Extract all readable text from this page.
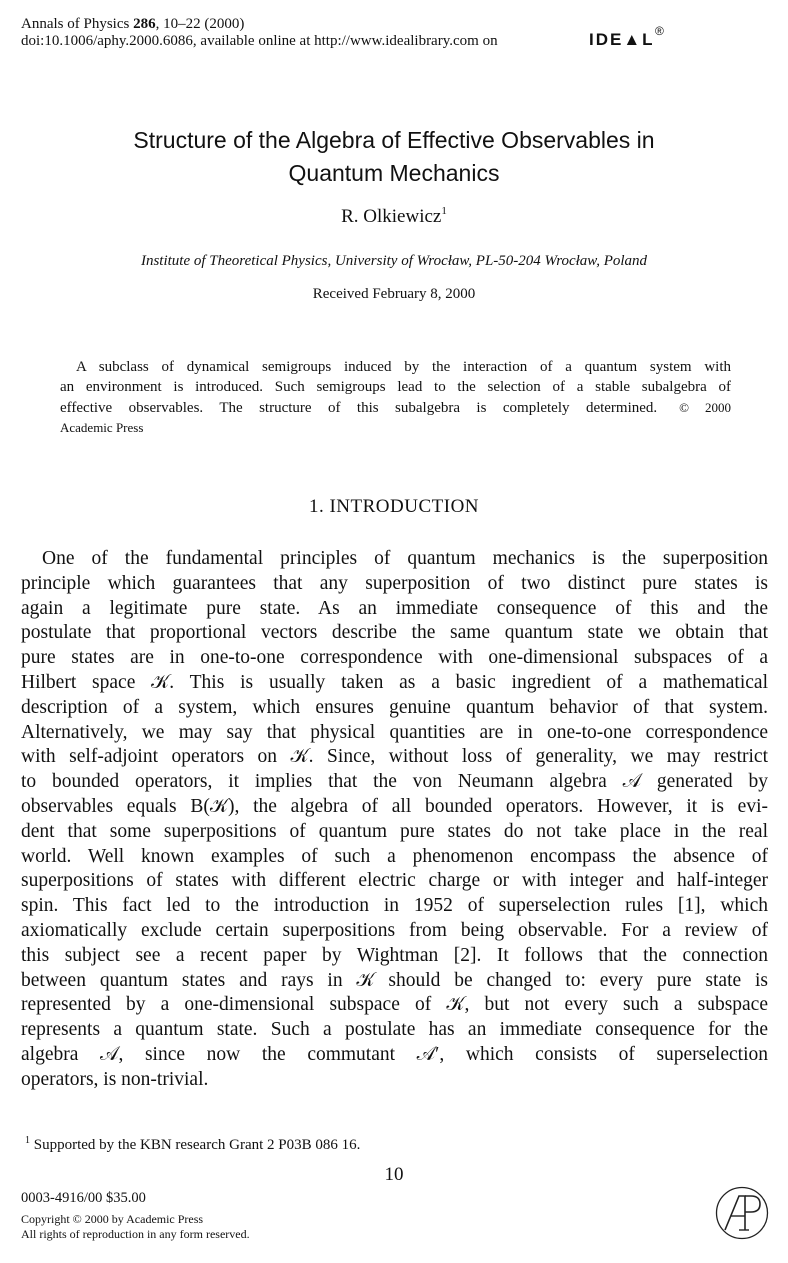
Annals of Physics 286, 10–22 (2000)
doi:10.1006/aphy.2000.6086, available online at http://www.idealibrary.com on	IDE▲L ®
Structure of the Algebra of Effective Observables in
Quantum Mechanics
R. Olkiewicz$^1$
Institute of Theoretical Physics, University of Wrocław, PL-50-204 Wrocław, Poland
Received February 8, 2000
A subclass of dynamical semigroups induced by the interaction of a quantum system with
an environment is introduced. Such semigroups lead to the selection of a stable subalgebra of
effective observables. The structure of this subalgebra is completely determined. © 2000
Academic Press
1. INTRODUCTION
One of the fundamental principles of quantum mechanics is the superposition
principle which guarantees that any superposition of two distinct pure states is
again a legitimate pure state. As an immediate consequence of this and the
postulate that proportional vectors describe the same quantum state we obtain that
pure states are in one-to-one correspondence with one-dimensional subspaces of a
Hilbert space 𝒦. This is usually taken as a basic ingredient of a mathematical
description of a system, which ensures genuine quantum behavior of that system.
Alternatively, we may say that physical quantities are in one-to-one correspondence
with self-adjoint operators on 𝒦. Since, without loss of generality, we may restrict
to bounded operators, it implies that the von Neumann algebra 𝒜 generated by
observables equals B(𝒦), the algebra of all bounded operators. However, it is evi-
dent that some superpositions of quantum pure states do not take place in the real
world. Well known examples of such a phenomenon encompass the absence of
superpositions of states with different electric charge or with integer and half-integer
spin. This fact led to the introduction in 1952 of superselection rules [1], which
axiomatically exclude certain superpositions from being observable. For a review of
this subject see a recent paper by Wightman [2]. It follows that the connection
between quantum states and rays in 𝒦 should be changed to: every pure state is
represented by a one-dimensional subspace of 𝒦, but not every such a subspace
represents a quantum state. Such a postulate has an immediate consequence for the
algebra 𝒜, since now the commutant 𝒜′, which consists of superselection
operators, is non-trivial.
$^1$ Supported by the KBN research Grant 2 P03B 086 16.
10
0003-4916/00 $35.00
Copyright © 2000 by Academic Press
All rights of reproduction in any form reserved.
